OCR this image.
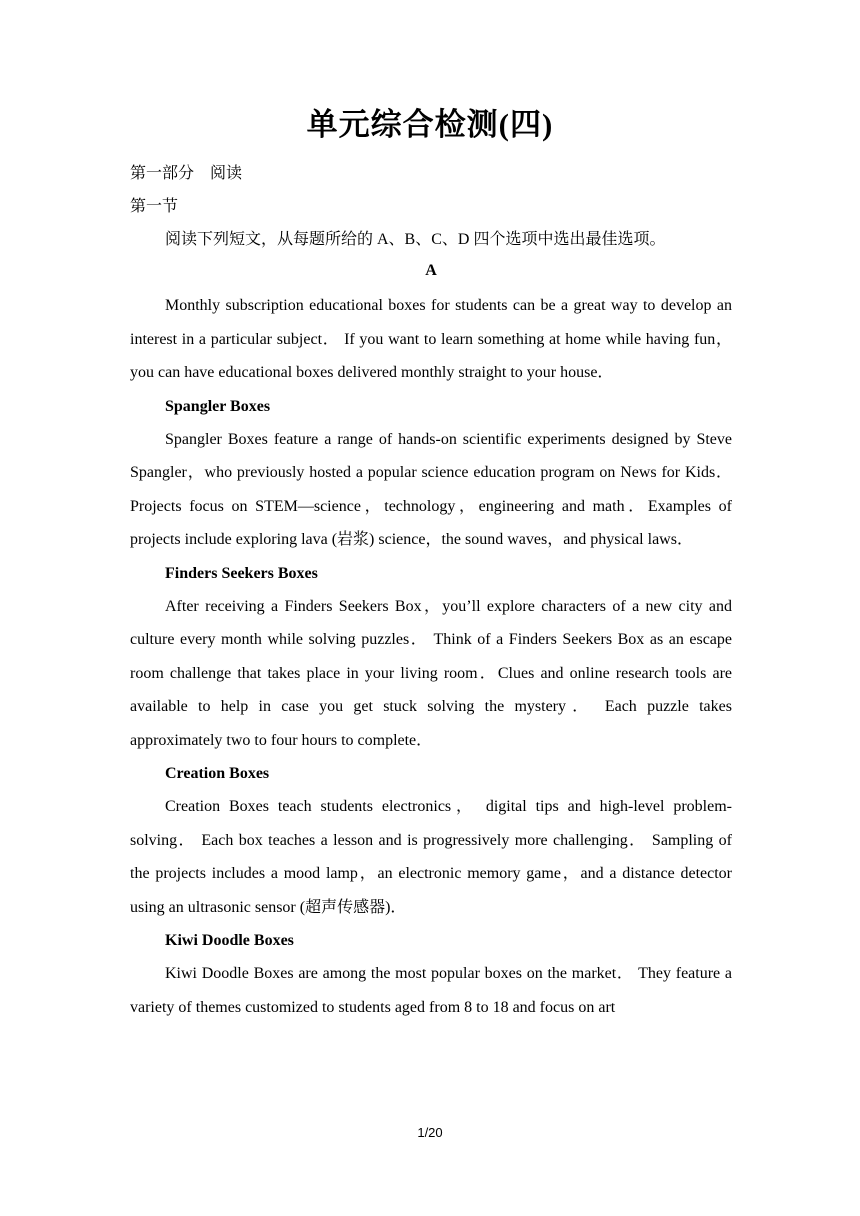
单元综合检测(四)

第一部分　阅读

第一节

阅读下列短文，从每题所给的 A、B、C、D 四个选项中选出最佳选项。

A

Monthly subscription educational boxes for students can be a great way to develop an interest in a particular subject． If you want to learn something at home while having fun，you can have educational boxes delivered monthly straight to your house．

Spangler Boxes

Spangler Boxes feature a range of hands-on scientific experiments designed by Steve Spangler，who previously hosted a popular science education program on News for Kids．Projects focus on STEM—science，technology，engineering and math．Examples of projects include exploring lava (岩浆) science，the sound waves，and physical laws．

Finders Seekers Boxes

After receiving a Finders Seekers Box，you’ll explore characters of a new city and culture every month while solving puzzles． Think of a Finders Seekers Box as an escape room challenge that takes place in your living room．Clues and online research tools are available to help in case you get stuck solving the mystery． Each puzzle takes approximately two to four hours to complete．

Creation Boxes

Creation Boxes teach students electronics， digital tips and high-level problem-solving． Each box teaches a lesson and is progressively more challenging． Sampling of the projects includes a mood lamp，an electronic memory game，and a distance detector using an ultrasonic sensor (超声传感器)．

Kiwi Doodle Boxes

Kiwi Doodle Boxes are among the most popular boxes on the market． They feature a variety of themes customized to students aged from 8 to 18 and focus on art

1/20
